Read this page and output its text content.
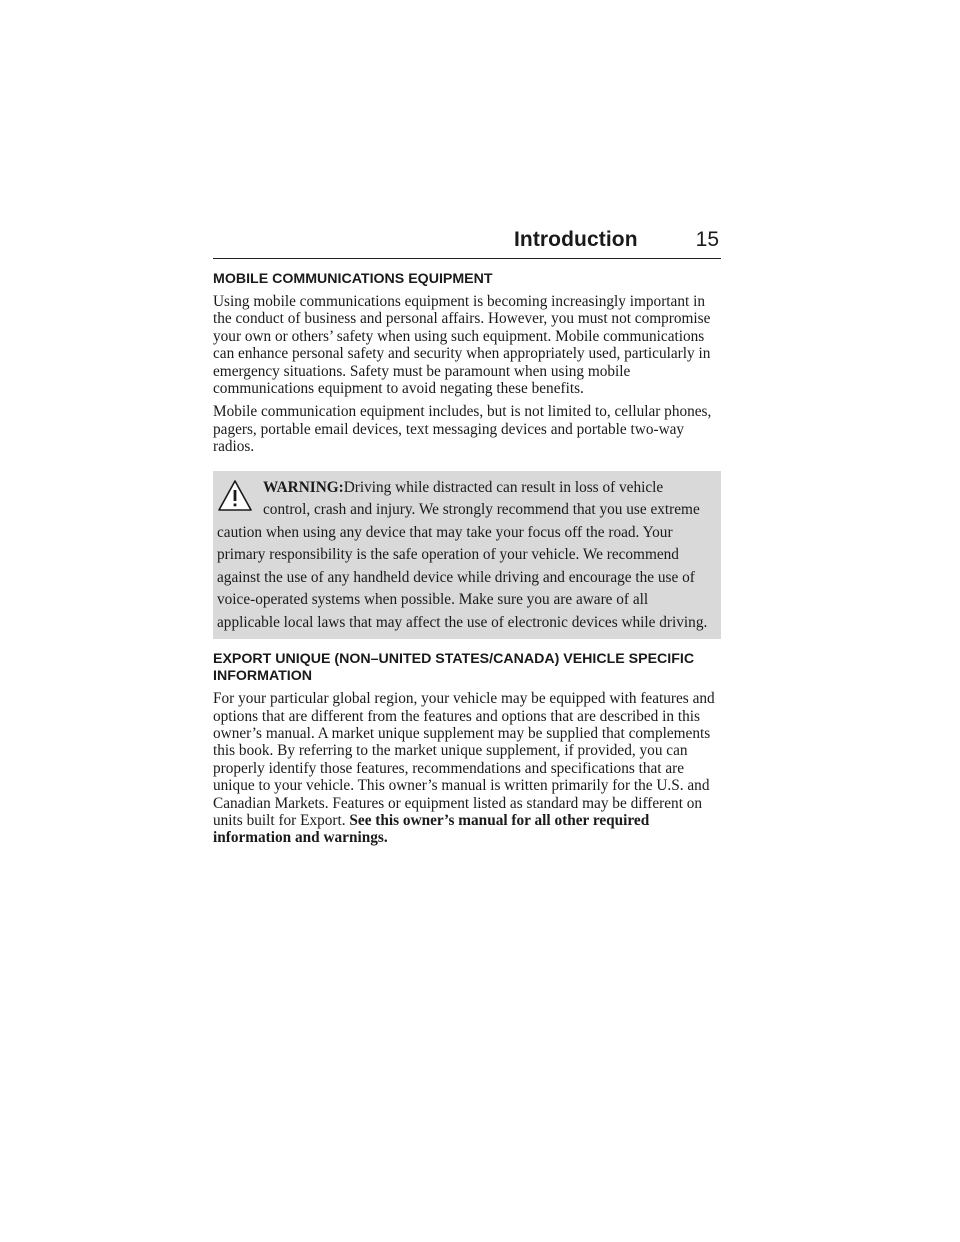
Introduction	15
MOBILE COMMUNICATIONS EQUIPMENT

Using mobile communications equipment is becoming increasingly important in the conduct of business and personal affairs. However, you must not compromise your own or others’ safety when using such equipment. Mobile communications can enhance personal safety and security when appropriately used, particularly in emergency situations. Safety must be paramount when using mobile communications equipment to avoid negating these benefits.

Mobile communication equipment includes, but is not limited to, cellular phones, pagers, portable email devices, text messaging devices and portable two-way radios.

WARNING:Driving while distracted can result in loss of vehicle control, crash and injury. We strongly recommend that you use extreme caution when using any device that may take your focus off the road. Your primary responsibility is the safe operation of your vehicle. We recommend against the use of any handheld device while driving and encourage the use of voice-operated systems when possible. Make sure you are aware of all applicable local laws that may affect the use of electronic devices while driving.
EXPORT UNIQUE (NON–UNITED STATES/CANADA) VEHICLE SPECIFIC INFORMATION

For your particular global region, your vehicle may be equipped with features and options that are different from the features and options that are described in this owner’s manual. A market unique supplement may be supplied that complements this book. By referring to the market unique supplement, if provided, you can properly identify those features, recommendations and specifications that are unique to your vehicle. This owner’s manual is written primarily for the U.S. and Canadian Markets. Features or equipment listed as standard may be different on units built for Export. See this owner’s manual for all other required information and warnings.
